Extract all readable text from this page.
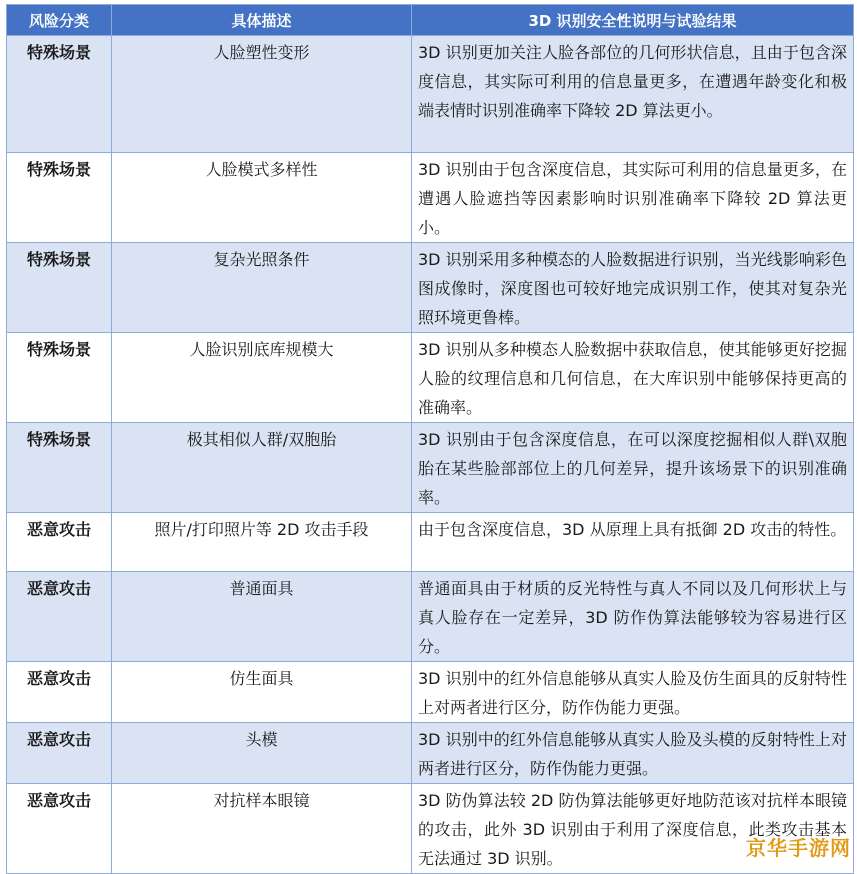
风险分类	具体描述	3D 识别安全性说明与试验结果
特殊场景	人脸塑性变形	3D 识别更加关注人脸各部位的几何形状信息，且由于包含深度信息，其实际可利用的信息量更多，在遭遇年龄变化和极端表情时识别准确率下降较 2D 算法更小。
特殊场景	人脸模式多样性	3D 识别由于包含深度信息，其实际可利用的信息量更多，在遭遇人脸遮挡等因素影响时识别准确率下降较 2D 算法更小。
特殊场景	复杂光照条件	3D 识别采用多种模态的人脸数据进行识别，当光线影响彩色图成像时，深度图也可较好地完成识别工作，使其对复杂光照环境更鲁棒。
特殊场景	人脸识别底库规模大	3D 识别从多种模态人脸数据中获取信息，使其能够更好挖掘人脸的纹理信息和几何信息，在大库识别中能够保持更高的准确率。
特殊场景	极其相似人群/双胞胎	3D 识别由于包含深度信息，在可以深度挖掘相似人群\双胞胎在某些脸部部位上的几何差异，提升该场景下的识别准确率。
恶意攻击	照片/打印照片等 2D 攻击手段	由于包含深度信息，3D 从原理上具有抵御 2D 攻击的特性。
恶意攻击	普通面具	普通面具由于材质的反光特性与真人不同以及几何形状上与真人脸存在一定差异，3D 防作伪算法能够较为容易进行区分。
恶意攻击	仿生面具	3D 识别中的红外信息能够从真实人脸及仿生面具的反射特性上对两者进行区分，防作伪能力更强。
恶意攻击	头模	3D 识别中的红外信息能够从真实人脸及头模的反射特性上对两者进行区分，防作伪能力更强。
恶意攻击	对抗样本眼镜	3D 防伪算法较 2D 防伪算法能够更好地防范该对抗样本眼镜的攻击，此外 3D 识别由于利用了深度信息，此类攻击基本无法通过 3D 识别。	京华手游网
